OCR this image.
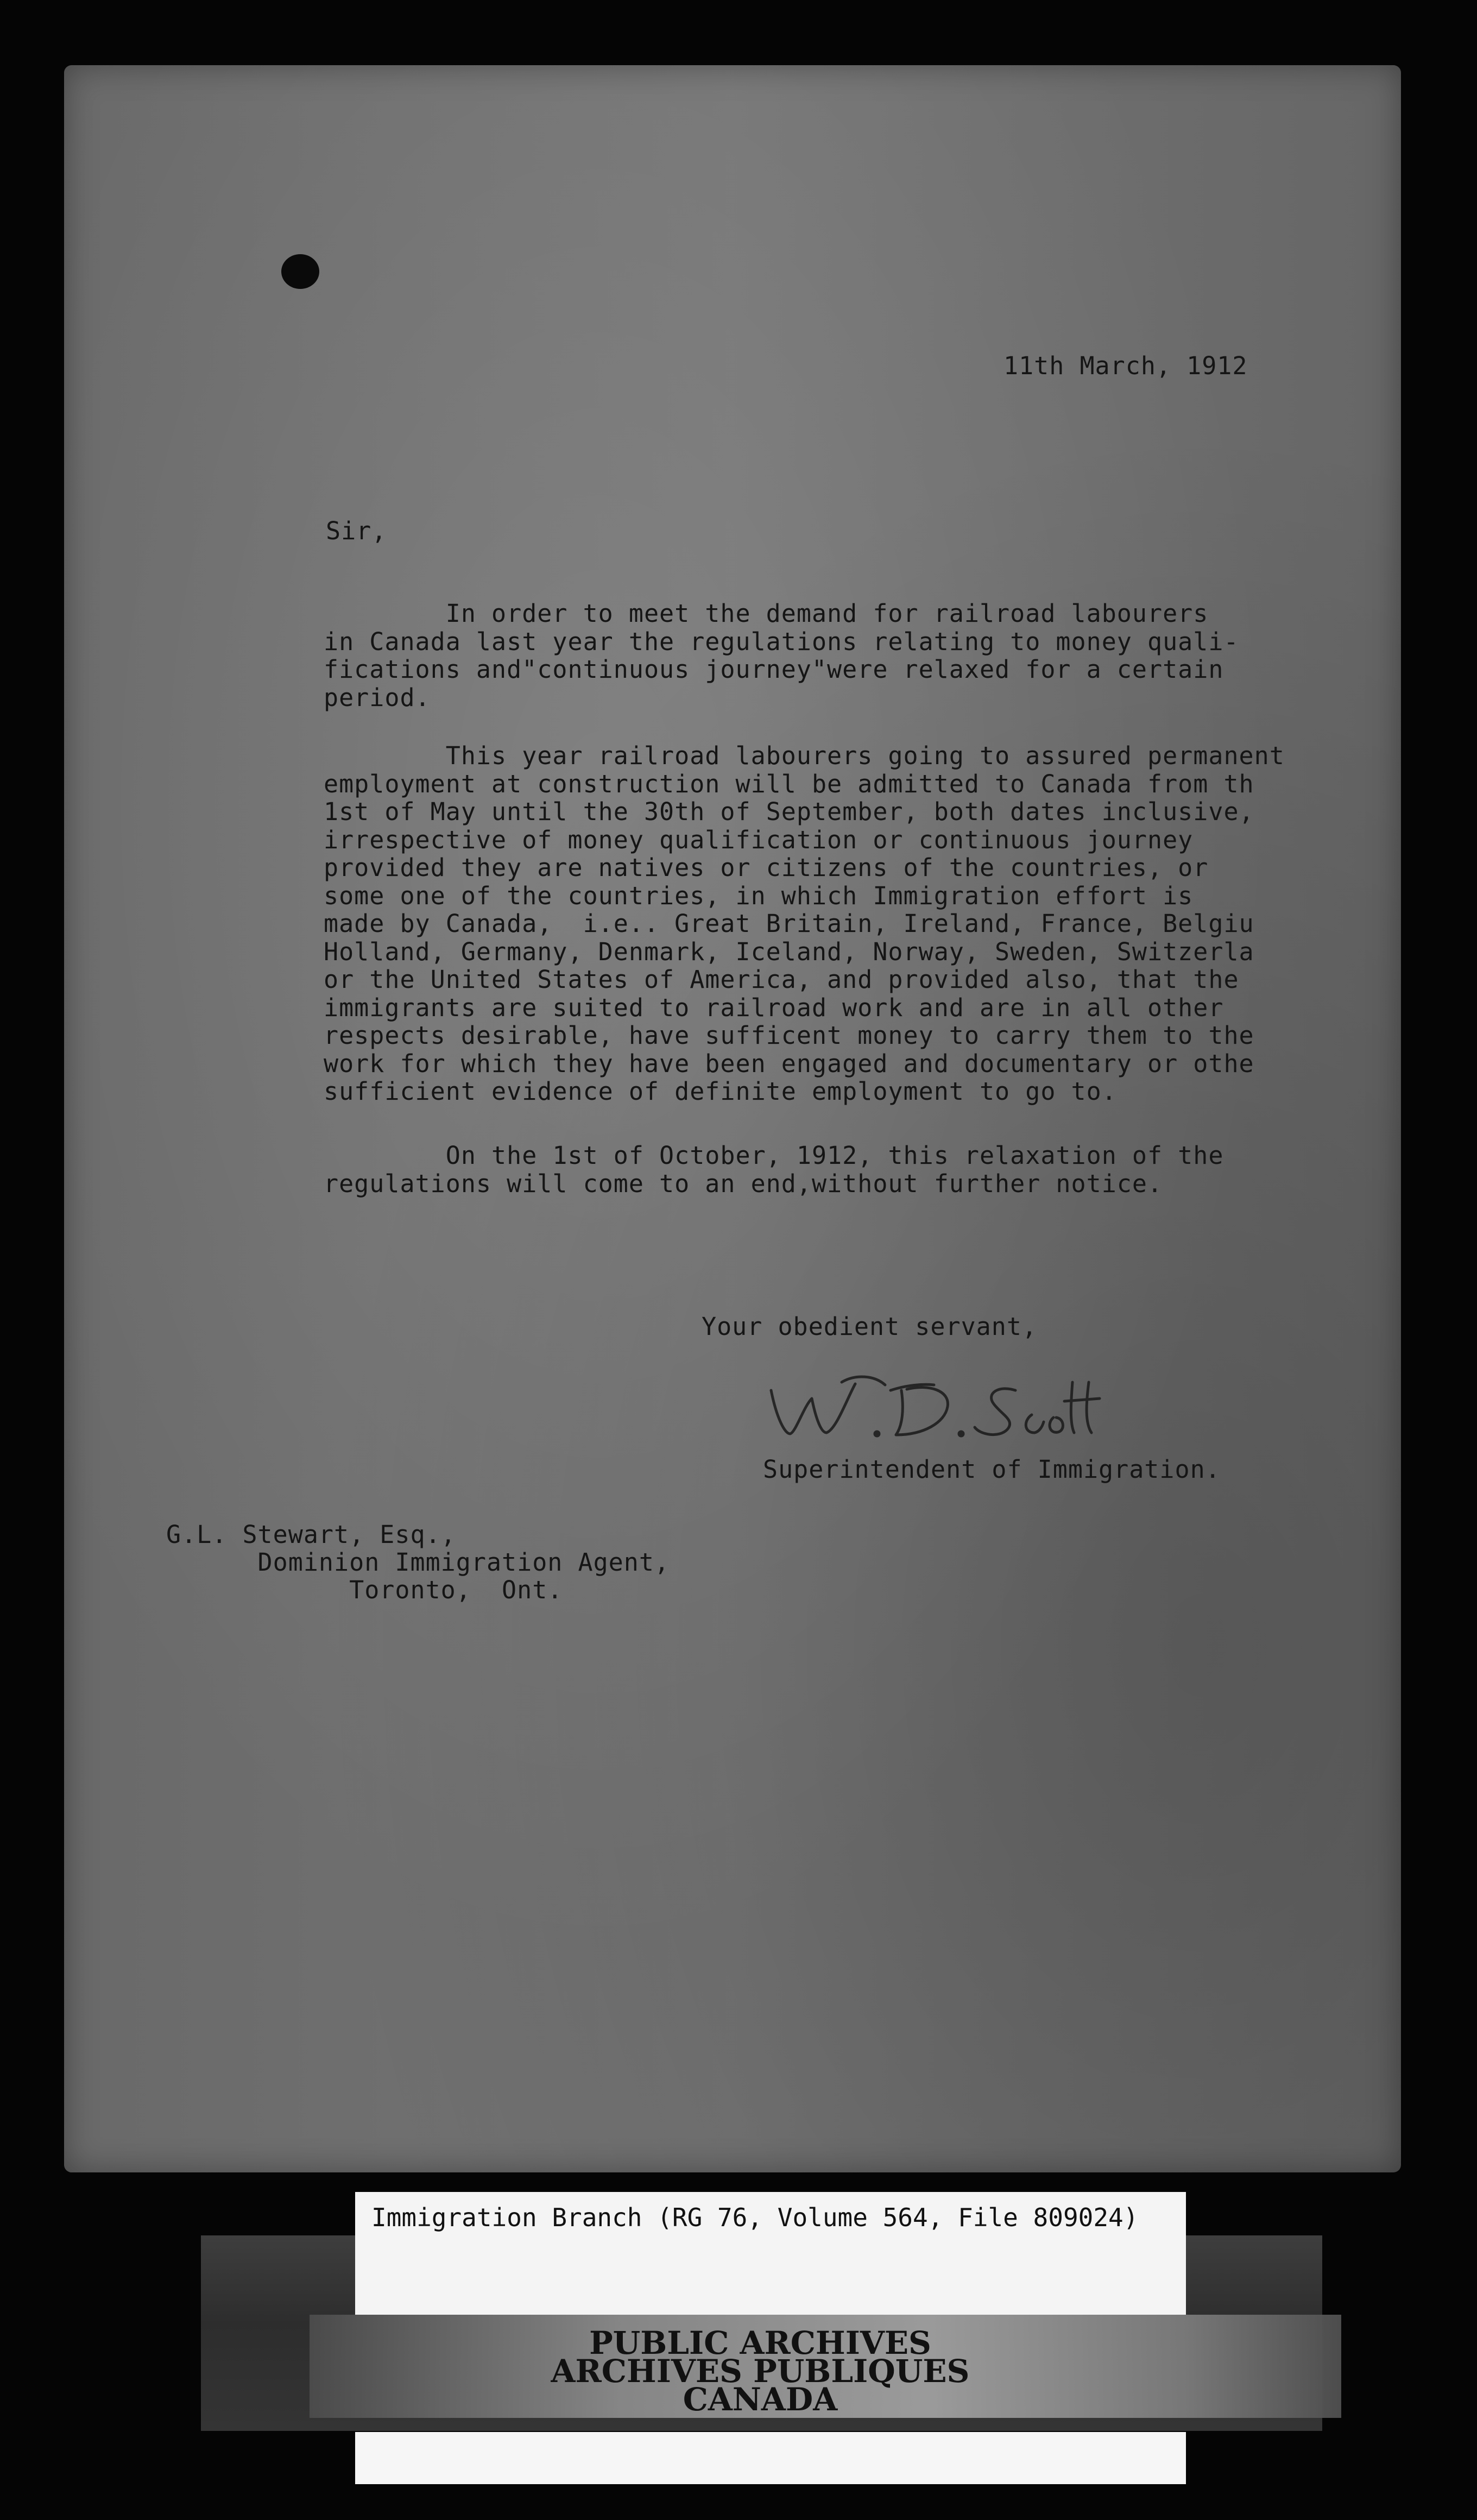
​
11th March, 1912
Sir,
In order to meet the demand for railroad labourers
in Canada last year the regulations relating to money quali-
fications and"continuous journey"were relaxed for a certain
period.
This year railroad labourers going to assured permanent
employment at construction will be admitted to Canada from th
1st of May until the 30th of September, both dates inclusive,
irrespective of money qualification or continuous journey
provided they are natives or citizens of the countries, or
some one of the countries, in which Immigration effort is
made by Canada,  i.e.. Great Britain, Ireland, France, Belgiu
Holland, Germany, Denmark, Iceland, Norway, Sweden, Switzerla
or the United States of America, and provided also, that the
immigrants are suited to railroad work and are in all other
respects desirable, have sufficent money to carry them to the
work for which they have been engaged and documentary or othe
sufficient evidence of definite employment to go to.
On the 1st of October, 1912, this relaxation of the
regulations will come to an end,without further notice.
Your obedient servant,
Superintendent of Immigration.
G.L. Stewart, Esq.,
Dominion Immigration Agent,
Toronto,  Ont.
Immigration Branch (RG 76, Volume 564, File 809024)
PUBLIC ARCHIVES
ARCHIVES PUBLIQUES
CANADA
